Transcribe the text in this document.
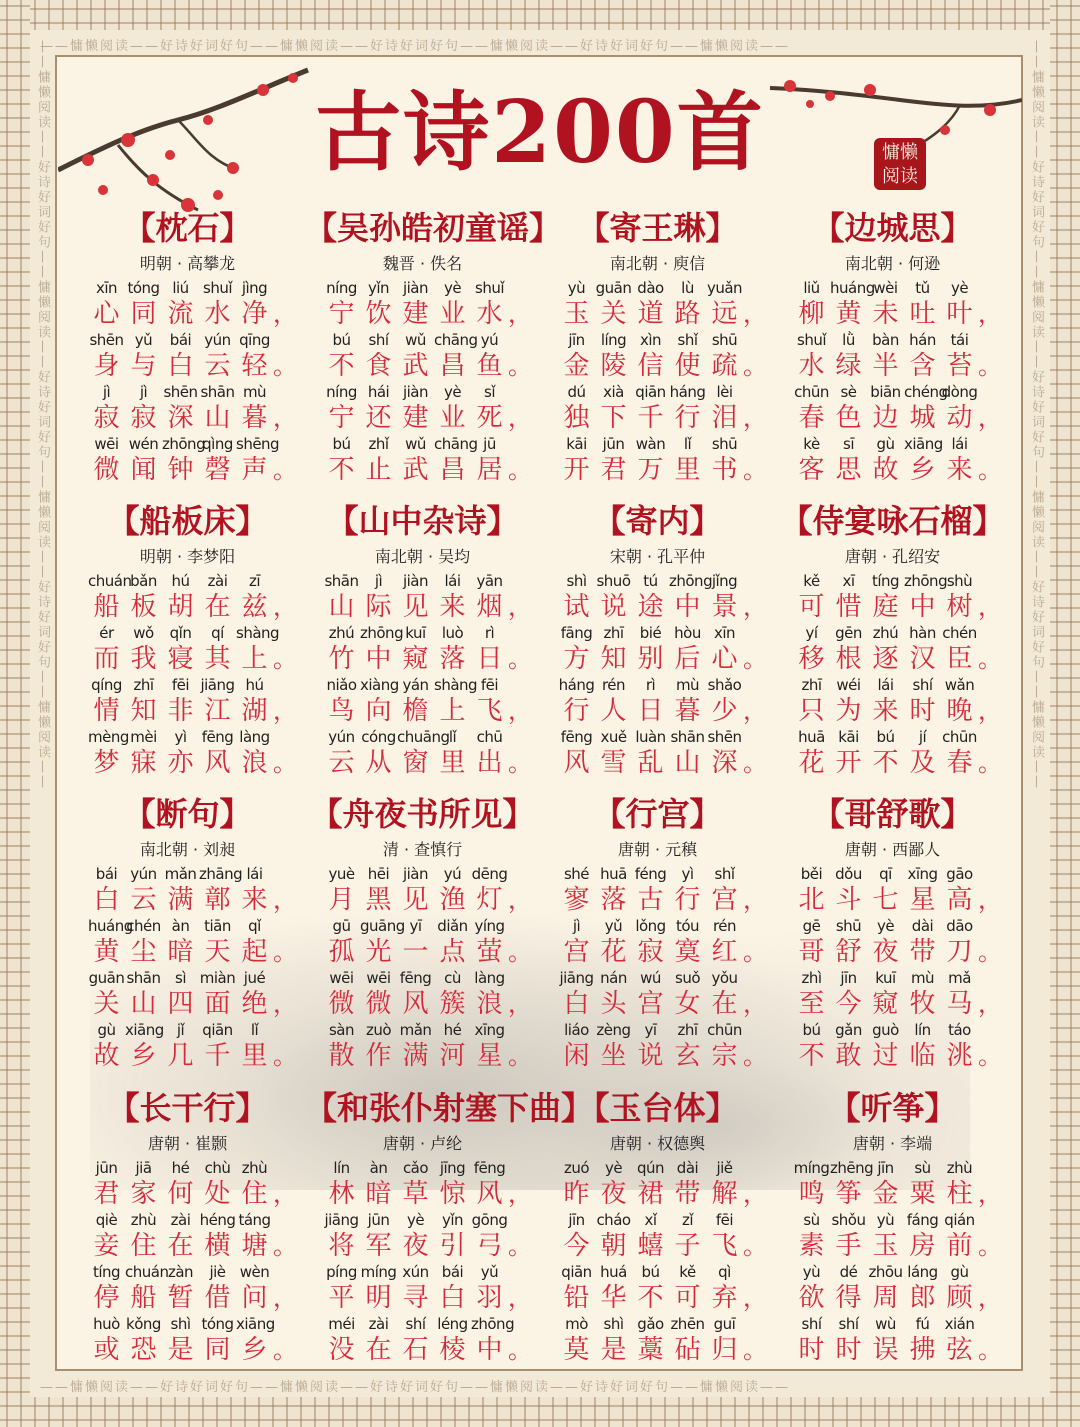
——慵懒阅读——好诗好词好句——慵懒阅读——好诗好词好句——慵懒阅读——好诗好词好句——慵懒阅读——
——慵懒阅读——好诗好词好句——慵懒阅读——好诗好词好句——慵懒阅读——好诗好词好句——慵懒阅读——
——慵懒阅读——好诗好词好句——慵懒阅读——好诗好词好句——慵懒阅读——好诗好词好句——慵懒阅读——	——慵懒阅读——好诗好词好句——慵懒阅读——好诗好词好句——慵懒阅读——好诗好词好句——慵懒阅读——
古诗200首	慵懒
阅读
【枕石】
明朝 · 高攀龙
xīn
心
tóng
同
liú
流
shuǐ
水
jìng
净 ，
shēn
身
yǔ
与
bái
白
yún
云
qīng
轻 。
jì
寂
jì
寂
shēn
深
shān
山
mù
暮 ，
wēi
微
wén
闻
zhōng
钟
qìng
磬
shēng
声 。
【吴孙皓初童谣】
魏晋 · 佚名
níng
宁
yǐn
饮
jiàn
建
yè
业
shuǐ
水 ，
bú
不
shí
食
wǔ
武
chāng
昌
yú
鱼 。
níng
宁
hái
还
jiàn
建
yè
业
sǐ
死 ，
bú
不
zhǐ
止
wǔ
武
chāng
昌
jū
居 。
【寄王琳】
南北朝 · 庾信
yù
玉
guān
关
dào
道
lù
路
yuǎn
远 ，
jīn
金
líng
陵
xìn
信
shǐ
使
shū
疏 。
dú
独
xià
下
qiān
千
háng
行
lèi
泪 ，
kāi
开
jūn
君
wàn
万
lǐ
里
shū
书 。
【边城思】
南北朝 · 何逊
liǔ
柳
huáng
黄
wèi
未
tǔ
吐
yè
叶 ，
shuǐ
水
lǜ
绿
bàn
半
hán
含
tái
苔 。
chūn
春
sè
色
biān
边
chéng
城
dòng
动 ，
kè
客
sī
思
gù
故
xiāng
乡
lái
来 。
【船板床】
明朝 · 李梦阳
chuán
船
bǎn
板
hú
胡
zài
在
zī
兹 ，
ér
而
wǒ
我
qǐn
寝
qí
其
shàng
上 。
qíng
情
zhī
知
fēi
非
jiāng
江
hú
湖 ，
mèng
梦
mèi
寐
yì
亦
fēng
风
làng
浪 。
【山中杂诗】
南北朝 · 吴均
shān
山
jì
际
jiàn
见
lái
来
yān
烟 ，
zhú
竹
zhōng
中
kuī
窥
luò
落
rì
日 。
niǎo
鸟
xiàng
向
yán
檐
shàng
上
fēi
飞 ，
yún
云
cóng
从
chuāng
窗
lǐ
里
chū
出 。
【寄内】
宋朝 · 孔平仲
shì
试
shuō
说
tú
途
zhōng
中
jǐng
景 ，
fāng
方
zhī
知
bié
别
hòu
后
xīn
心 。
háng
行
rén
人
rì
日
mù
暮
shǎo
少 ，
fēng
风
xuě
雪
luàn
乱
shān
山
shēn
深 。
【侍宴咏石榴】
唐朝 · 孔绍安
kě
可
xī
惜
tíng
庭
zhōng
中
shù
树 ，
yí
移
gēn
根
zhú
逐
hàn
汉
chén
臣 。
zhī
只
wéi
为
lái
来
shí
时
wǎn
晚 ，
huā
花
kāi
开
bú
不
jí
及
chūn
春 。
【断句】
南北朝 · 刘昶
bái
白
yún
云
mǎn
满
zhāng
鄣
lái
来 ，
huáng
黄
chén
尘
àn
暗
tiān
天
qǐ
起 。
guān
关
shān
山
sì
四
miàn
面
jué
绝 ，
gù
故
xiāng
乡
jǐ
几
qiān
千
lǐ
里 。
【舟夜书所见】
清 · 查慎行
yuè
月
hēi
黑
jiàn
见
yú
渔
dēng
灯 ，
gū
孤
guāng
光
yī
一
diǎn
点
yíng
萤 。
wēi
微
wēi
微
fēng
风
cù
簇
làng
浪 ，
sàn
散
zuò
作
mǎn
满
hé
河
xīng
星 。
【行宫】
唐朝 · 元稹
shé
寥
huā
落
féng
古
yì
行
shǐ
宫 ，
jì
宫
yǔ
花
lǒng
寂
tóu
寞
rén
红 。
jiāng
白
nán
头
wú
宫
suǒ
女
yǒu
在 ，
liáo
闲
zèng
坐
yī
说
zhī
玄
chūn
宗 。
【哥舒歌】
唐朝 · 西鄙人
běi
北
dǒu
斗
qī
七
xīng
星
gāo
高 ，
gē
哥
shū
舒
yè
夜
dài
带
dāo
刀 。
zhì
至
jīn
今
kuī
窥
mù
牧
mǎ
马 ，
bú
不
gǎn
敢
guò
过
lín
临
táo
洮 。
【长干行】
唐朝 · 崔颢
jūn
君
jiā
家
hé
何
chù
处
zhù
住 ，
qiè
妾
zhù
住
zài
在
héng
横
táng
塘 。
tíng
停
chuán
船
zàn
暂
jiè
借
wèn
问 ，
huò
或
kǒng
恐
shì
是
tóng
同
xiāng
乡 。
【和张仆射塞下曲】
唐朝 · 卢纶
lín
林
àn
暗
cǎo
草
jīng
惊
fēng
风 ，
jiāng
将
jūn
军
yè
夜
yǐn
引
gōng
弓 。
píng
平
míng
明
xún
寻
bái
白
yǔ
羽 ，
méi
没
zài
在
shí
石
léng
棱
zhōng
中 。
【玉台体】
唐朝 · 权德舆
zuó
昨
yè
夜
qún
裙
dài
带
jiě
解 ，
jīn
今
cháo
朝
xǐ
蟢
zǐ
子
fēi
飞 。
qiān
铅
huá
华
bú
不
kě
可
qì
弃 ，
mò
莫
shì
是
gǎo
藁
zhēn
砧
guī
归 。
【听筝】
唐朝 · 李端
míng
鸣
zhēng
筝
jīn
金
sù
粟
zhù
柱 ，
sù
素
shǒu
手
yù
玉
fáng
房
qián
前 。
yù
欲
dé
得
zhōu
周
láng
郎
gù
顾 ，
shí
时
shí
时
wù
误
fú
拂
xián
弦 。
